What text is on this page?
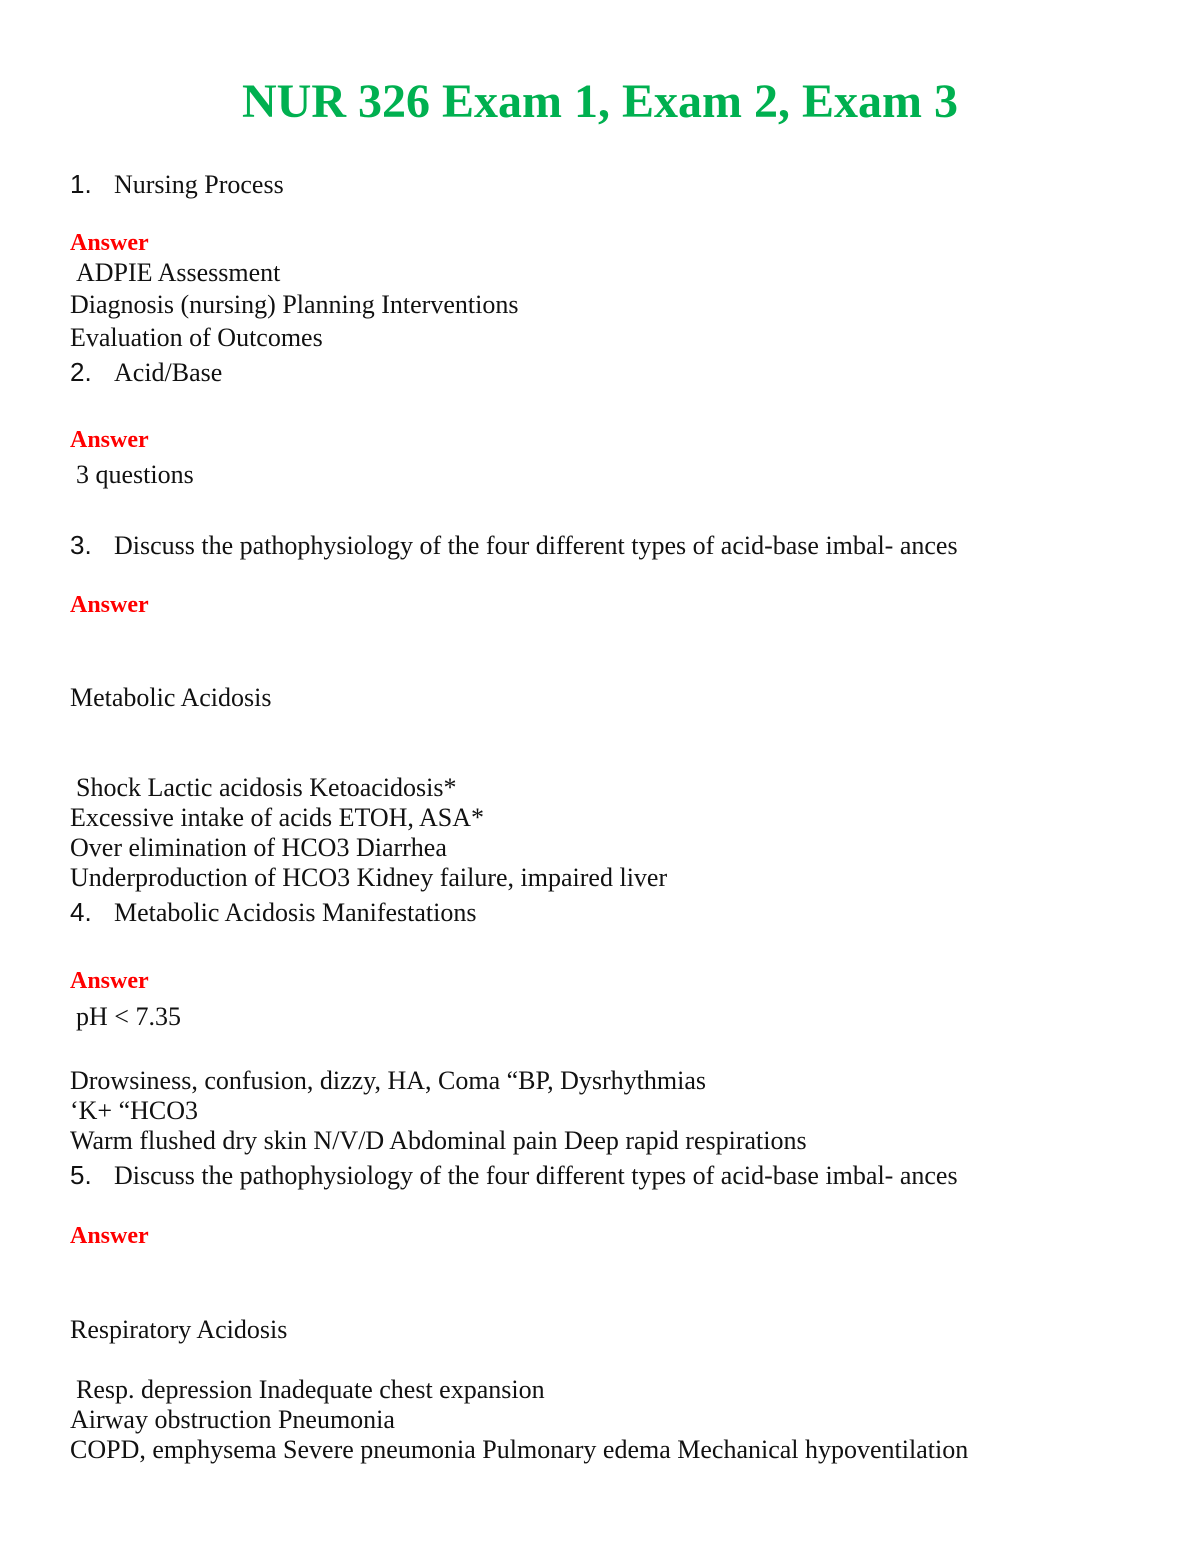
NUR 326 Exam 1, Exam 2, Exam 3
1. Nursing Process
Answer
ADPIE Assessment
Diagnosis (nursing) Planning Interventions
Evaluation of Outcomes
2. Acid/Base
Answer
3 questions
3. Discuss the pathophysiology of the four different types of acid-base imbal- ances
Answer
Metabolic Acidosis
Shock Lactic acidosis Ketoacidosis*
Excessive intake of acids ETOH, ASA*
Over elimination of HCO3 Diarrhea
Underproduction of HCO3 Kidney failure, impaired liver
4. Metabolic Acidosis Manifestations
Answer
pH < 7.35
Drowsiness, confusion, dizzy, HA, Coma “BP, Dysrhythmias
‘K+ “HCO3
Warm flushed dry skin N/V/D Abdominal pain Deep rapid respirations
5. Discuss the pathophysiology of the four different types of acid-base imbal- ances
Answer
Respiratory Acidosis
Resp. depression Inadequate chest expansion
Airway obstruction Pneumonia
COPD, emphysema Severe pneumonia Pulmonary edema Mechanical hypoventilation
